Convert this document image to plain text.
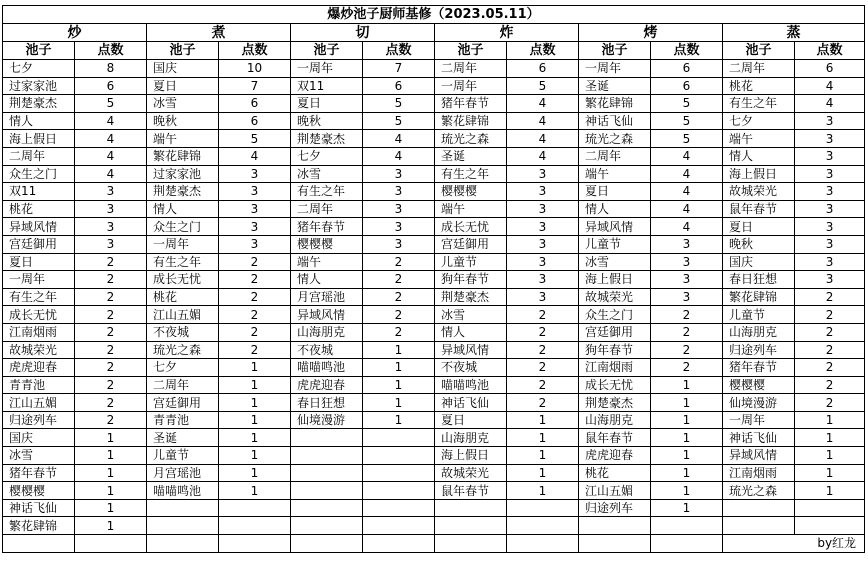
爆炒池子厨师基修（2023.05.11）											
炒		煮		切		炸		烤		蒸	
池子	点数	池子	点数	池子	点数	池子	点数	池子	点数	池子	点数
七夕	8	国庆	10	一周年	7	二周年	6	一周年	6	二周年	6
过家家池	6	夏日	7	双11	6	一周年	5	圣诞	6	桃花	4
荆楚豪杰	5	冰雪	6	夏日	5	猪年春节	4	繁花肆锦	5	有生之年	4
情人	4	晚秋	6	晚秋	5	繁花肆锦	4	神话飞仙	5	七夕	3
海上假日	4	端午	5	荆楚豪杰	4	琉光之森	4	琉光之森	5	端午	3
二周年	4	繁花肆锦	4	七夕	4	圣诞	4	二周年	4	情人	3
众生之门	4	过家家池	3	冰雪	3	有生之年	3	端午	4	海上假日	3
双11	3	荆楚豪杰	3	有生之年	3	樱樱樱	3	夏日	4	故城荣光	3
桃花	3	情人	3	二周年	3	端午	3	情人	4	鼠年春节	3
异域风情	3	众生之门	3	猪年春节	3	成长无忧	3	异域风情	4	夏日	3
宫廷御用	3	一周年	3	樱樱樱	3	宫廷御用	3	儿童节	3	晚秋	3
夏日	2	有生之年	2	端午	2	儿童节	3	冰雪	3	国庆	3
一周年	2	成长无忧	2	情人	2	狗年春节	3	海上假日	3	春日狂想	3
有生之年	2	桃花	2	月宫瑶池	2	荆楚豪杰	3	故城荣光	3	繁花肆锦	2
成长无忧	2	江山五媚	2	异域风情	2	冰雪	2	众生之门	2	儿童节	2
江南烟雨	2	不夜城	2	山海朋克	2	情人	2	宫廷御用	2	山海朋克	2
故城荣光	2	琉光之森	2	不夜城	1	异域风情	2	狗年春节	2	归途列车	2
虎虎迎春	2	七夕	1	喵喵鸣池	1	不夜城	2	江南烟雨	2	猪年春节	2
青青池	2	二周年	1	虎虎迎春	1	喵喵鸣池	2	成长无忧	1	樱樱樱	2
江山五媚	2	宫廷御用	1	春日狂想	1	神话飞仙	2	荆楚豪杰	1	仙境漫游	2
归途列车	2	青青池	1	仙境漫游	1	夏日	1	山海朋克	1	一周年	1
国庆	1	圣诞	1			山海朋克	1	鼠年春节	1	神话飞仙	1
冰雪	1	儿童节	1			海上假日	1	虎虎迎春	1	异域风情	1
猪年春节	1	月宫瑶池	1			故城荣光	1	桃花	1	江南烟雨	1
樱樱樱	1	喵喵鸣池	1			鼠年春节	1	江山五媚	1	琉光之森	1
神话飞仙	1							归途列车	1		
繁花肆锦	1										
										by红龙	
